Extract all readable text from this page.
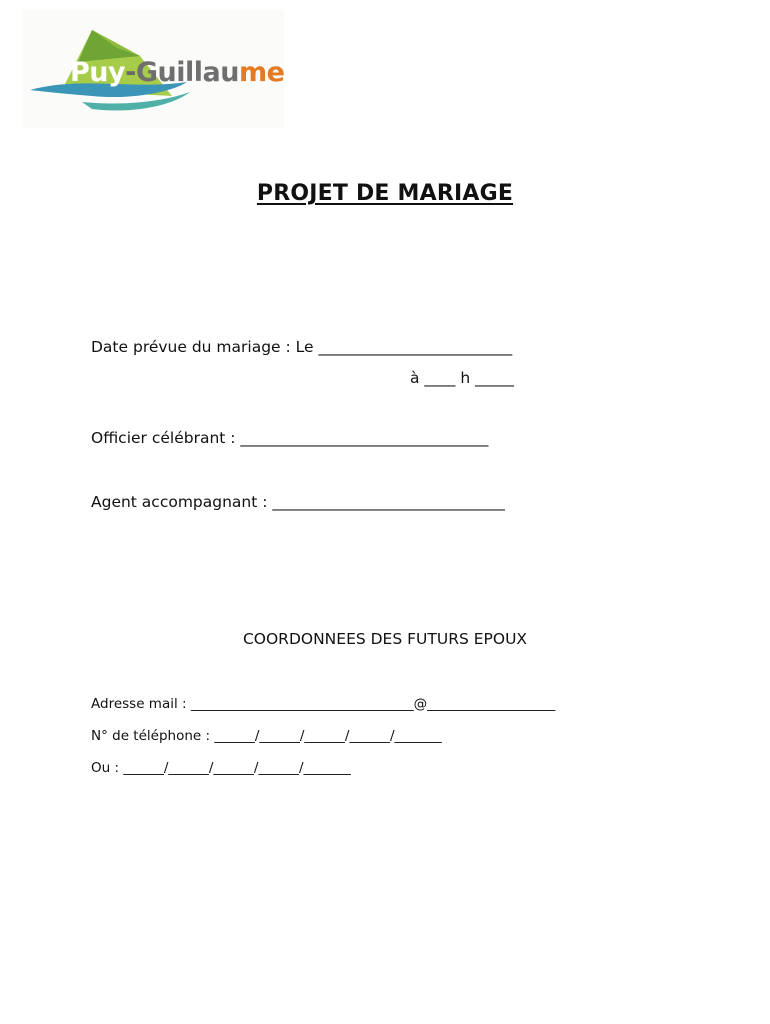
Puy-Guillaume
PROJET DE MARIAGE
Date prévue du mariage : Le _________________________
à ____ h _____
Officier célébrant : ________________________________
Agent accompagnant : ______________________________
COORDONNEES DES FUTURS EPOUX
Adresse mail : _________________________________@___________________
N° de téléphone : ______/______/______/______/_______
Ou : ______/______/______/______/_______
